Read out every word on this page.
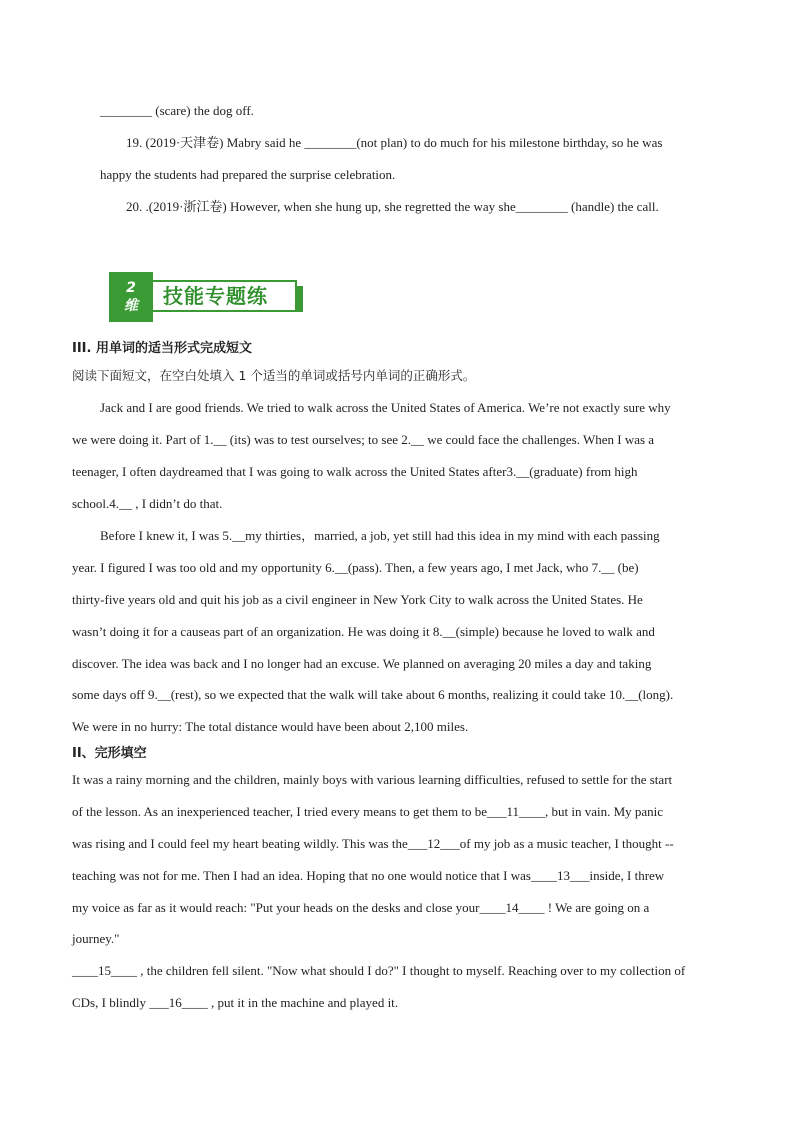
________ (scare) the dog off.
19. (2019·天津卷) Mabry said he ________(not plan) to do much for his milestone birthday, so he was
happy the students had prepared the surprise celebration.
20. .(2019·浙江卷) However, when she hung up, she regretted the way she________ (handle) the call.
2
维 技能专题练
III. 用单词的适当形式完成短文
阅读下面短文，在空白处填入 1 个适当的单词或括号内单词的正确形式。
Jack and I are good friends. We tried to walk across the United States of America. We’re not exactly sure why
we were doing it. Part of 1.__ (its) was to test ourselves; to see 2.__ we could face the challenges. When I was a
teenager, I often daydreamed that I was going to walk across the United States after3.__(graduate) from high
school.4.__ , I didn’t do that.
Before I knew it, I was 5.__my thirties，married, a job, yet still had this idea in my mind with each passing
year. I figured I was too old and my opportunity 6.__(pass). Then, a few years ago, I met Jack, who 7.__ (be)
thirty-five years old and quit his job as a civil engineer in New York City to walk across the United States. He
wasn’t doing it for a causeas part of an organization. He was doing it 8.__(simple) because he loved to walk and
discover. The idea was back and I no longer had an excuse. We planned on averaging 20 miles a day and taking
some days off 9.__(rest), so we expected that the walk will take about 6 months, realizing it could take 10.__(long).
We were in no hurry: The total distance would have been about 2,100 miles.
II、完形填空
It was a rainy morning and the children, mainly boys with various learning difficulties, refused to settle for the start
of the lesson. As an inexperienced teacher, I tried every means to get them to be___11____, but in vain. My panic
was rising and I could feel my heart beating wildly. This was the___12___of my job as a music teacher, I thought --
teaching was not for me. Then I had an idea. Hoping that no one would notice that I was____13___inside, I threw
my voice as far as it would reach: "Put your heads on the desks and close your____14____ ! We are going on a
journey."
____15____ , the children fell silent. "Now what should I do?" I thought to myself. Reaching over to my collection of
CDs, I blindly ___16____ , put it in the machine and played it.
